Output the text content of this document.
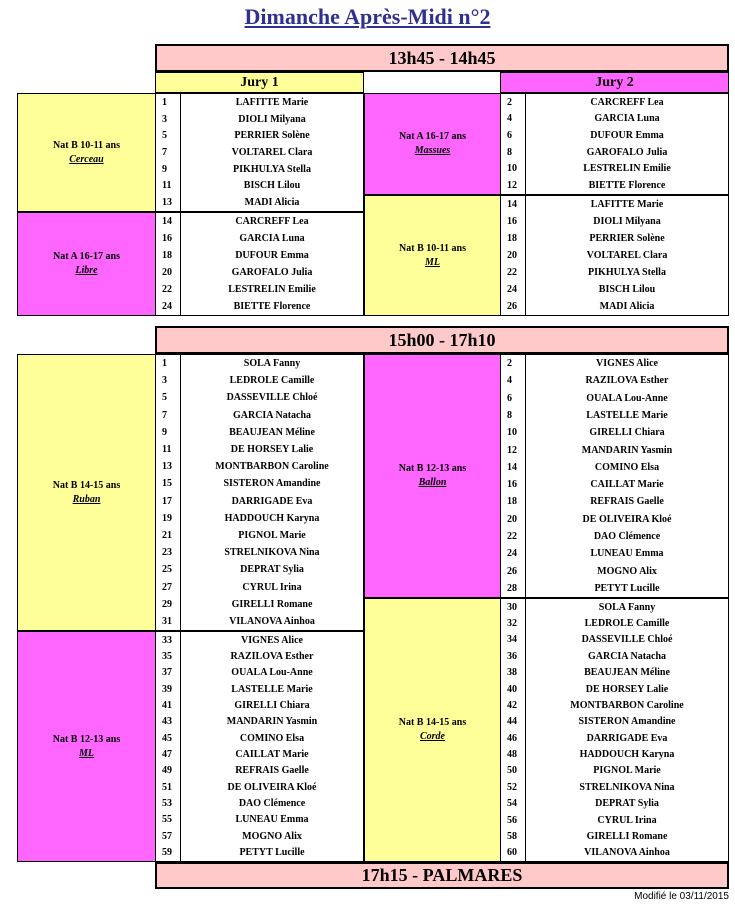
Dimanche Après-Midi n°2
13h45 - 14h45
Jury 1	Jury 2
Nat B 10-11 ans
Cerceau
Nat A 16-17 ans
Libre
Nat A 16-17 ans
Massues
Nat B 10-11 ans
ML
1	LAFITTE Marie
3	DIOLI Milyana
5	PERRIER Solène
7	VOLTAREL Clara
9	PIKHULYA Stella
11	BISCH Lilou
13	MADI Alicia
14	CARCREFF Lea
16	GARCIA Luna
18	DUFOUR Emma
20	GAROFALO Julia
22	LESTRELIN Emilie
24	BIETTE Florence
2	CARCREFF Lea
4	GARCIA Luna
6	DUFOUR Emma
8	GAROFALO Julia
10	LESTRELIN Emilie
12	BIETTE Florence
14	LAFITTE Marie
16	DIOLI Milyana
18	PERRIER Solène
20	VOLTAREL Clara
22	PIKHULYA Stella
24	BISCH Lilou
26	MADI Alicia
15h00 - 17h10
Nat B 14-15 ans
Ruban
Nat B 12-13 ans
ML
Nat B 12-13 ans
Ballon
Nat B 14-15 ans
Corde
1	SOLA Fanny
3	LEDROLE Camille
5	DASSEVILLE Chloé
7	GARCIA Natacha
9	BEAUJEAN Méline
11	DE HORSEY Lalie
13	MONTBARBON Caroline
15	SISTERON Amandine
17	DARRIGADE Eva
19	HADDOUCH Karyna
21	PIGNOL Marie
23	STRELNIKOVA Nina
25	DEPRAT Sylia
27	CYRUL Irina
29	GIRELLI Romane
31	VILANOVA Ainhoa
33	VIGNES Alice
35	RAZILOVA Esther
37	OUALA Lou-Anne
39	LASTELLE Marie
41	GIRELLI Chiara
43	MANDARIN Yasmin
45	COMINO Elsa
47	CAILLAT Marie
49	REFRAIS Gaelle
51	DE OLIVEIRA Kloé
53	DAO Clémence
55	LUNEAU Emma
57	MOGNO Alix
59	PETYT Lucille
2	VIGNES Alice
4	RAZILOVA Esther
6	OUALA Lou-Anne
8	LASTELLE Marie
10	GIRELLI Chiara
12	MANDARIN Yasmin
14	COMINO Elsa
16	CAILLAT Marie
18	REFRAIS Gaelle
20	DE OLIVEIRA Kloé
22	DAO Clémence
24	LUNEAU Emma
26	MOGNO Alix
28	PETYT Lucille
30	SOLA Fanny
32	LEDROLE Camille
34	DASSEVILLE Chloé
36	GARCIA Natacha
38	BEAUJEAN Méline
40	DE HORSEY Lalie
42	MONTBARBON Caroline
44	SISTERON Amandine
46	DARRIGADE Eva
48	HADDOUCH Karyna
50	PIGNOL Marie
52	STRELNIKOVA Nina
54	DEPRAT Sylia
56	CYRUL Irina
58	GIRELLI Romane
60	VILANOVA Ainhoa
17h15 - PALMARES
Modifié le 03/11/2015
